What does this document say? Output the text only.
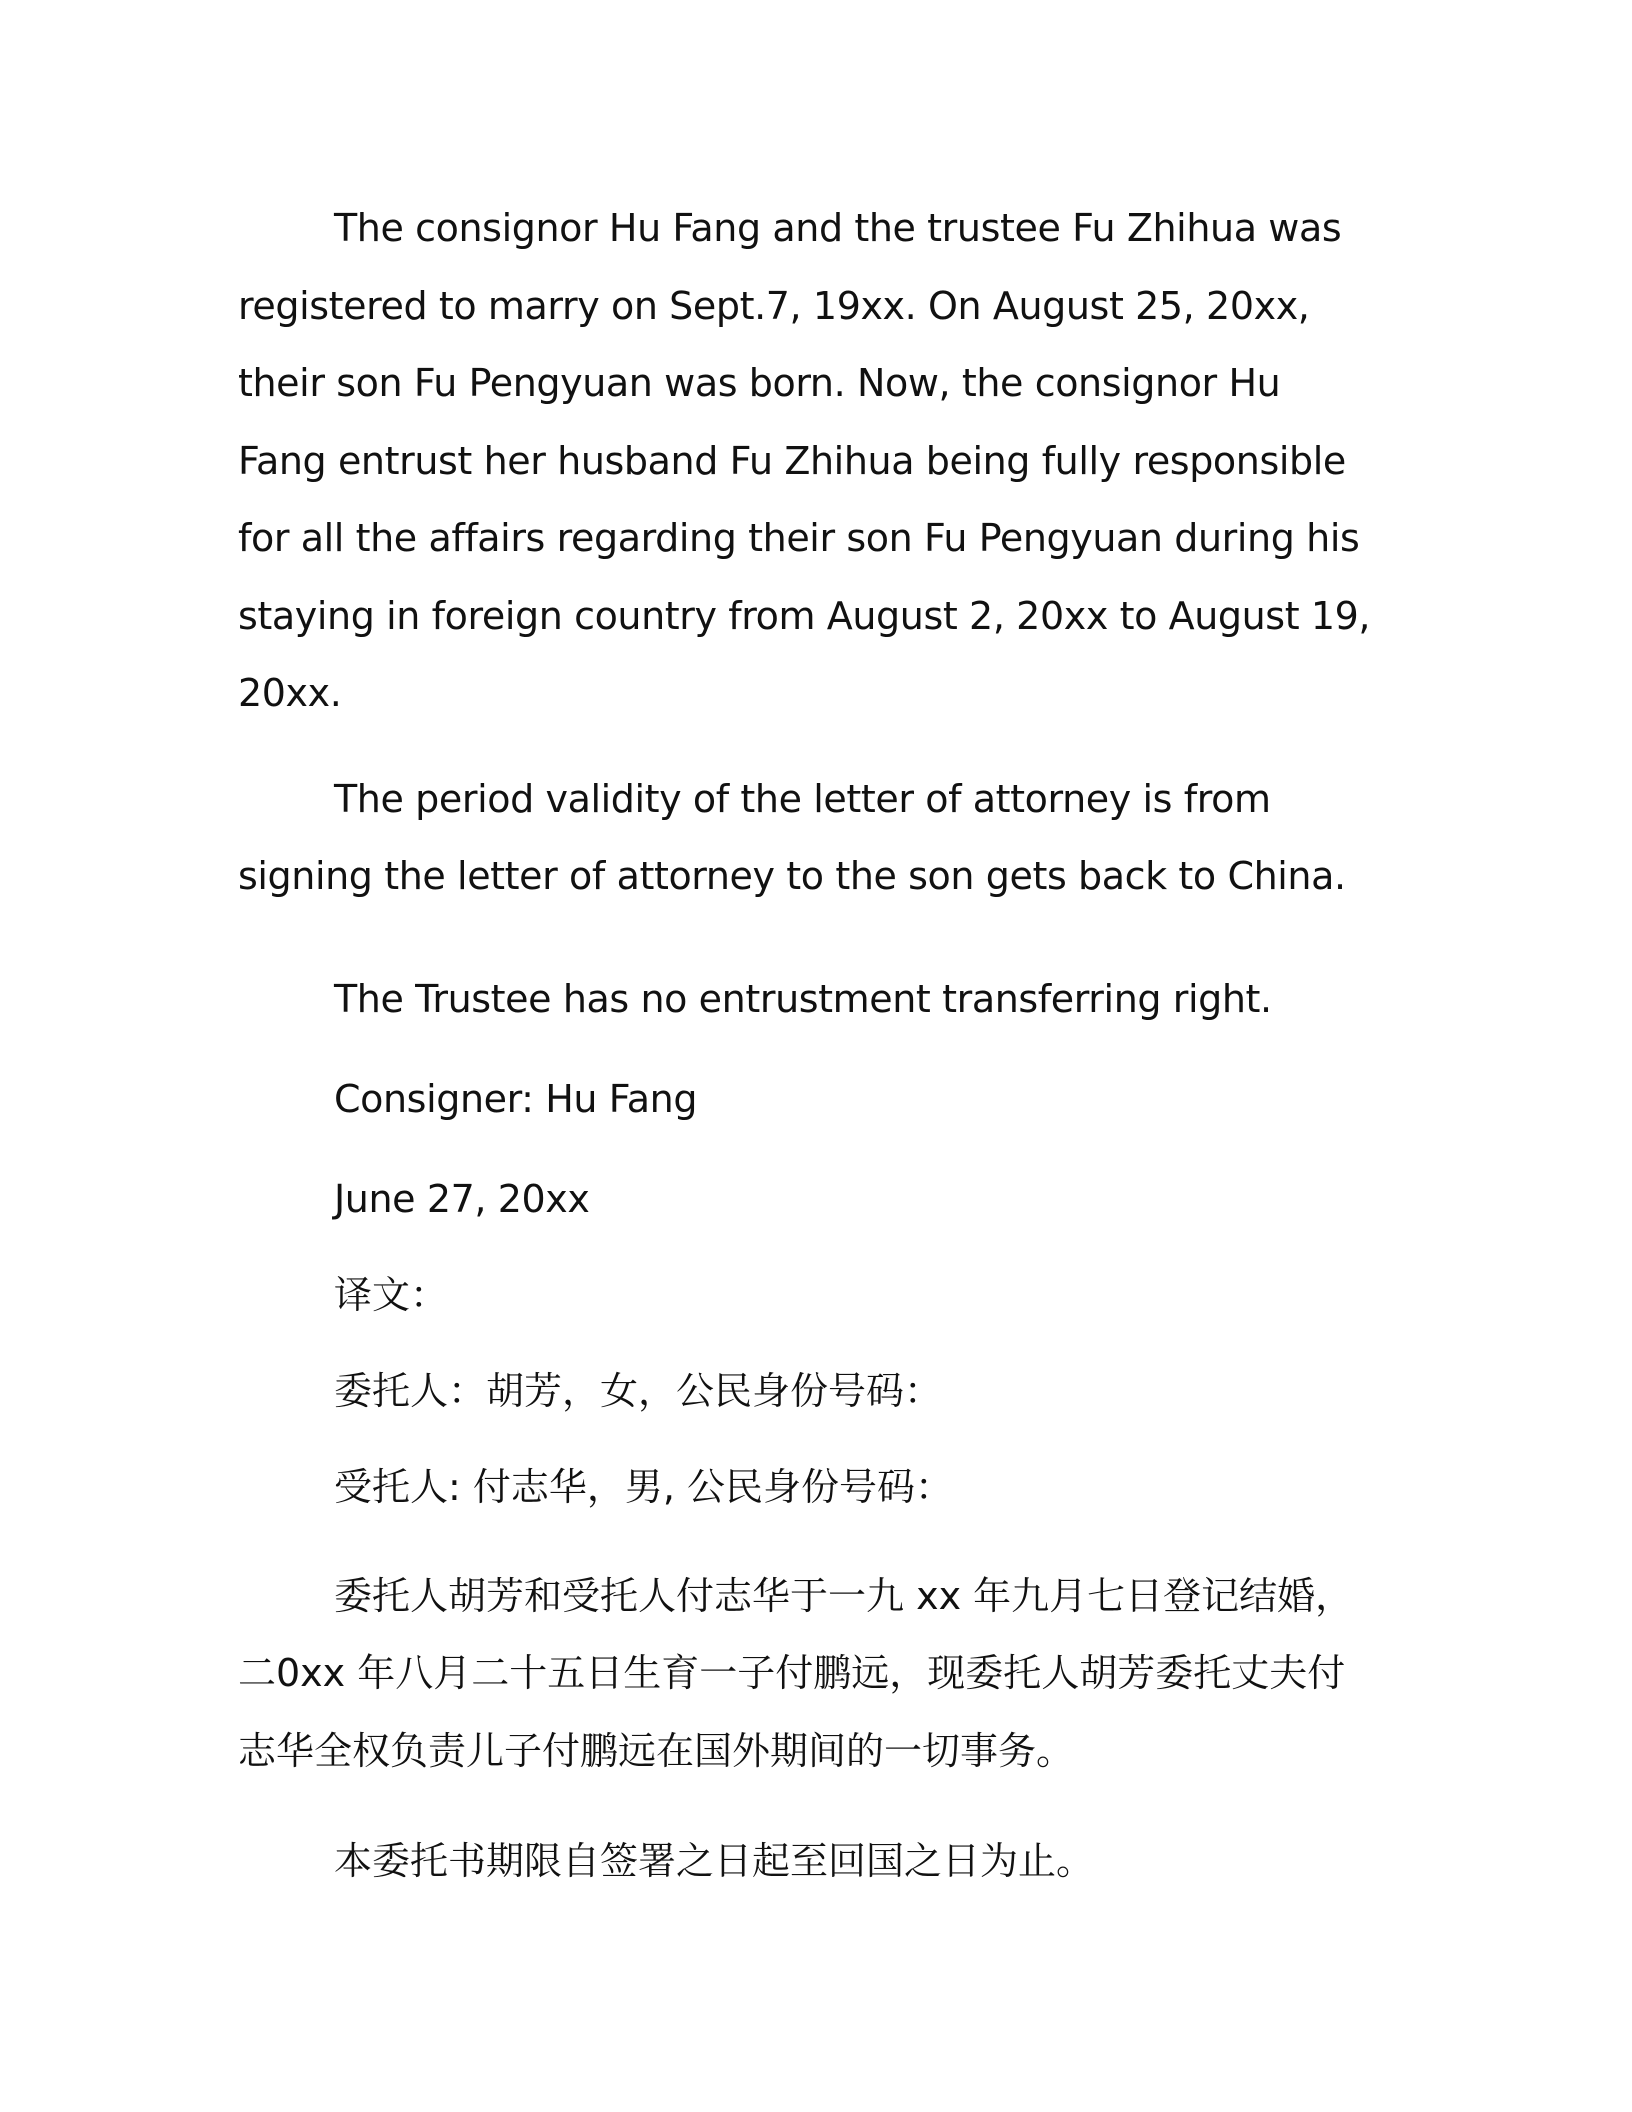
The consignor Hu Fang and the trustee Fu Zhihua was registered to marry on Sept.7, 19xx. On August 25, 20xx, their son Fu Pengyuan was born. Now, the consignor Hu Fang entrust her husband Fu Zhihua being fully responsible for all the affairs regarding their son Fu Pengyuan during his staying in foreign country from August 2, 20xx to August 19, 20xx.

The period validity of the letter of attorney is from signing the letter of attorney to the son gets back to China.

The Trustee has no entrustment transferring right.

Consigner: Hu Fang

June 27, 20xx

译文：

委托人：胡芳，女，公民身份号码：

受托人: 付志华，男, 公民身份号码：

委托人胡芳和受托人付志华于一九 xx 年九月七日登记结婚，二0xx 年八月二十五日生育一子付鹏远，现委托人胡芳委托丈夫付志华全权负责儿子付鹏远在国外期间的一切事务。

本委托书期限自签署之日起至回国之日为止。
